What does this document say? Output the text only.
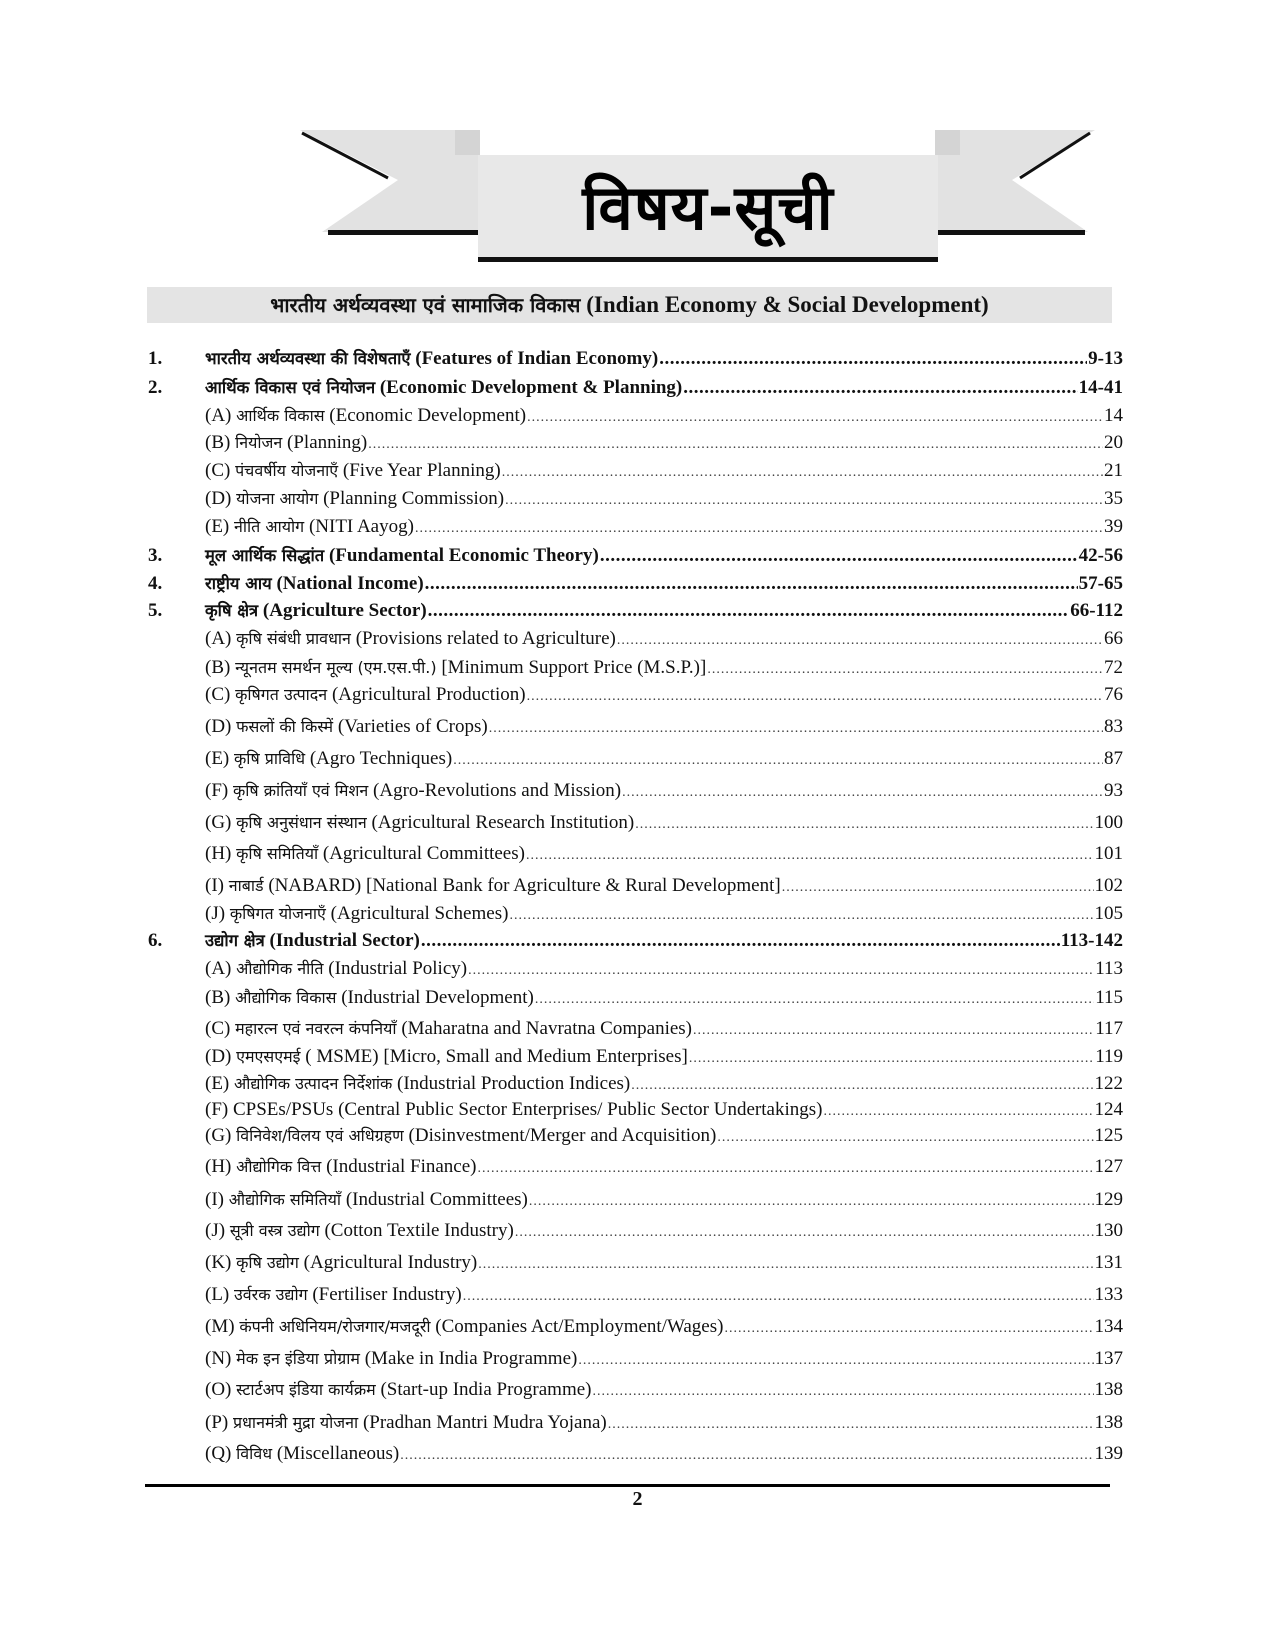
विषय-सूची
भारतीय अर्थव्यवस्था एवं सामाजिक विकास (Indian Economy & Social Development)
1.	भारतीय अर्थव्यवस्था की विशेषताएँ (Features of Indian Economy) .....	9-13
2.	आर्थिक विकास एवं नियोजन (Economic Development & Planning) .....	14-41
(A) आर्थिक विकास (Economic Development) .....	14
(B) नियोजन (Planning) .....	20
(C) पंचवर्षीय योजनाएँ (Five Year Planning) .....	21
(D) योजना आयोग (Planning Commission) .....	35
(E) नीति आयोग (NITI Aayog) .....	39
3.	मूल आर्थिक सिद्धांत (Fundamental Economic Theory) .....	42-56
4.	राष्ट्रीय आय (National Income) .....	57-65
5.	कृषि क्षेत्र (Agriculture Sector) .....	66-112
(A) कृषि संबंधी प्रावधान (Provisions related to Agriculture) .....	66
(B) न्यूनतम समर्थन मूल्य (एम.एस.पी.) [Minimum Support Price (M.S.P.)] .....	72
(C) कृषिगत उत्पादन (Agricultural Production) .....	76
(D) फसलों की किस्में (Varieties of Crops) .....	83
(E) कृषि प्राविधि (Agro Techniques) .....	87
(F) कृषि क्रांतियाँ एवं मिशन (Agro-Revolutions and Mission) .....	93
(G) कृषि अनुसंधान संस्थान (Agricultural Research Institution) .....	100
(H) कृषि समितियाँ (Agricultural Committees) .....	101
(I) नाबार्ड (NABARD) [National Bank for Agriculture & Rural Development] .....	102
(J) कृषिगत योजनाएँ (Agricultural Schemes) .....	105
6.	उद्योग क्षेत्र (Industrial Sector) .....	113-142
(A) औद्योगिक नीति (Industrial Policy) .....	113
(B) औद्योगिक विकास (Industrial Development) .....	115
(C) महारत्न एवं नवरत्न कंपनियाँ (Maharatna and Navratna Companies) .....	117
(D) एमएसएमई ( MSME) [Micro, Small and Medium Enterprises] .....	119
(E) औद्योगिक उत्पादन निर्देशांक (Industrial Production Indices) .....	122
(F) CPSEs/PSUs (Central Public Sector Enterprises/ Public Sector Undertakings) .....	124
(G) विनिवेश/विलय एवं अधिग्रहण (Disinvestment/Merger and Acquisition) .....	125
(H) औद्योगिक वित्त (Industrial Finance) .....	127
(I) औद्योगिक समितियाँ (Industrial Committees) .....	129
(J) सूत्री वस्त्र उद्योग (Cotton Textile Industry) .....	130
(K) कृषि उद्योग (Agricultural Industry) .....	131
(L) उर्वरक उद्योग (Fertiliser Industry) .....	133
(M) कंपनी अधिनियम/रोजगार/मजदूरी (Companies Act/Employment/Wages) .....	134
(N) मेक इन इंडिया प्रोग्राम (Make in India Programme) .....	137
(O) स्टार्टअप इंडिया कार्यक्रम (Start-up India Programme) .....	138
(P) प्रधानमंत्री मुद्रा योजना (Pradhan Mantri Mudra Yojana) .....	138
(Q) विविध (Miscellaneous) .....	139
2
